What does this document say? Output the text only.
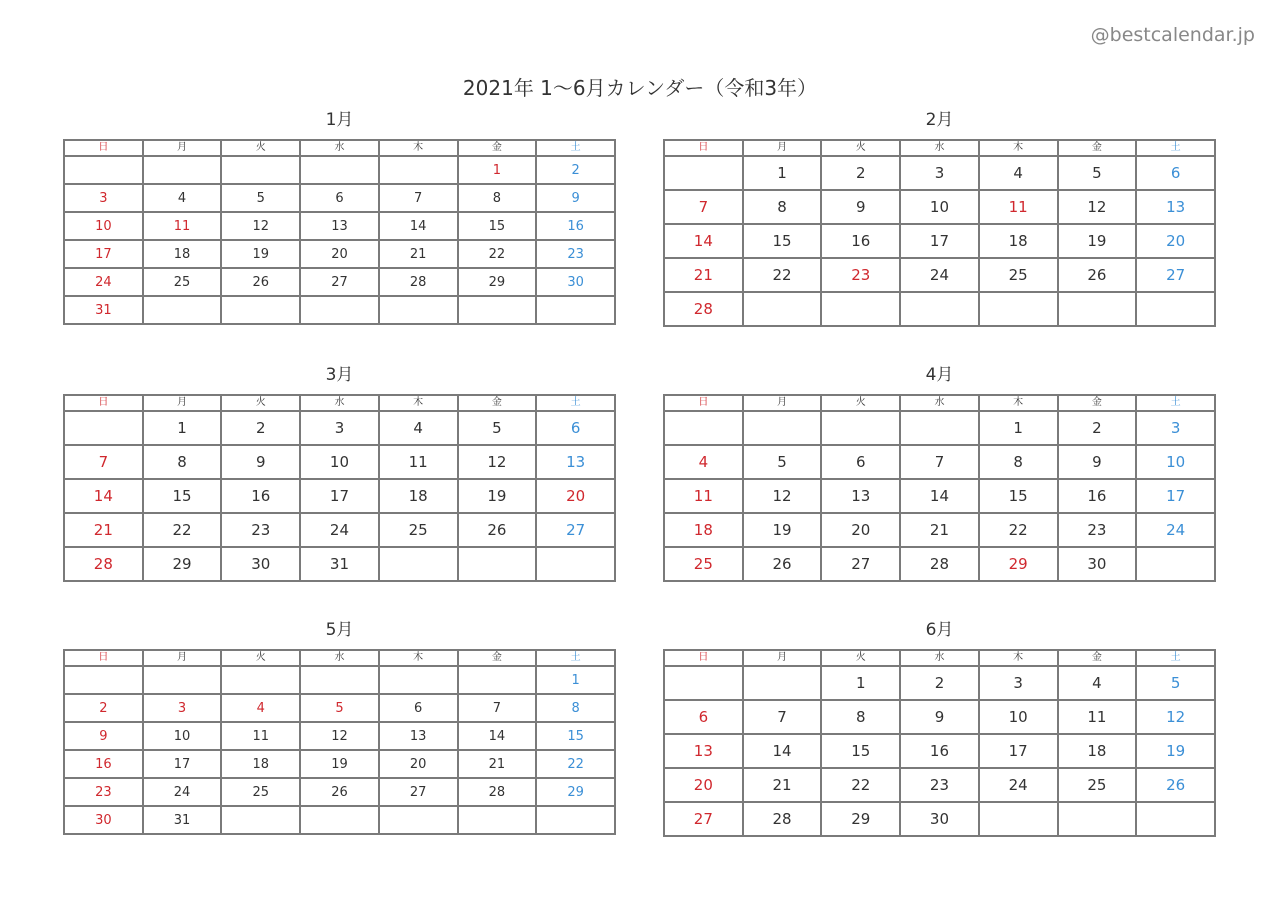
@bestcalendar.jp
2021年 1〜6月カレンダー（令和3年）
1月
日	月	火	水	木	金	土
					1	2
3	4	5	6	7	8	9
10	11	12	13	14	15	16
17	18	19	20	21	22	23
24	25	26	27	28	29	30
31						
2月
日	月	火	水	木	金	土
	1	2	3	4	5	6
7	8	9	10	11	12	13
14	15	16	17	18	19	20
21	22	23	24	25	26	27
28						
3月
日	月	火	水	木	金	土
	1	2	3	4	5	6
7	8	9	10	11	12	13
14	15	16	17	18	19	20
21	22	23	24	25	26	27
28	29	30	31			
4月
日	月	火	水	木	金	土
				1	2	3
4	5	6	7	8	9	10
11	12	13	14	15	16	17
18	19	20	21	22	23	24
25	26	27	28	29	30	
5月
日	月	火	水	木	金	土
						1
2	3	4	5	6	7	8
9	10	11	12	13	14	15
16	17	18	19	20	21	22
23	24	25	26	27	28	29
30	31					
6月
日	月	火	水	木	金	土
		1	2	3	4	5
6	7	8	9	10	11	12
13	14	15	16	17	18	19
20	21	22	23	24	25	26
27	28	29	30			
